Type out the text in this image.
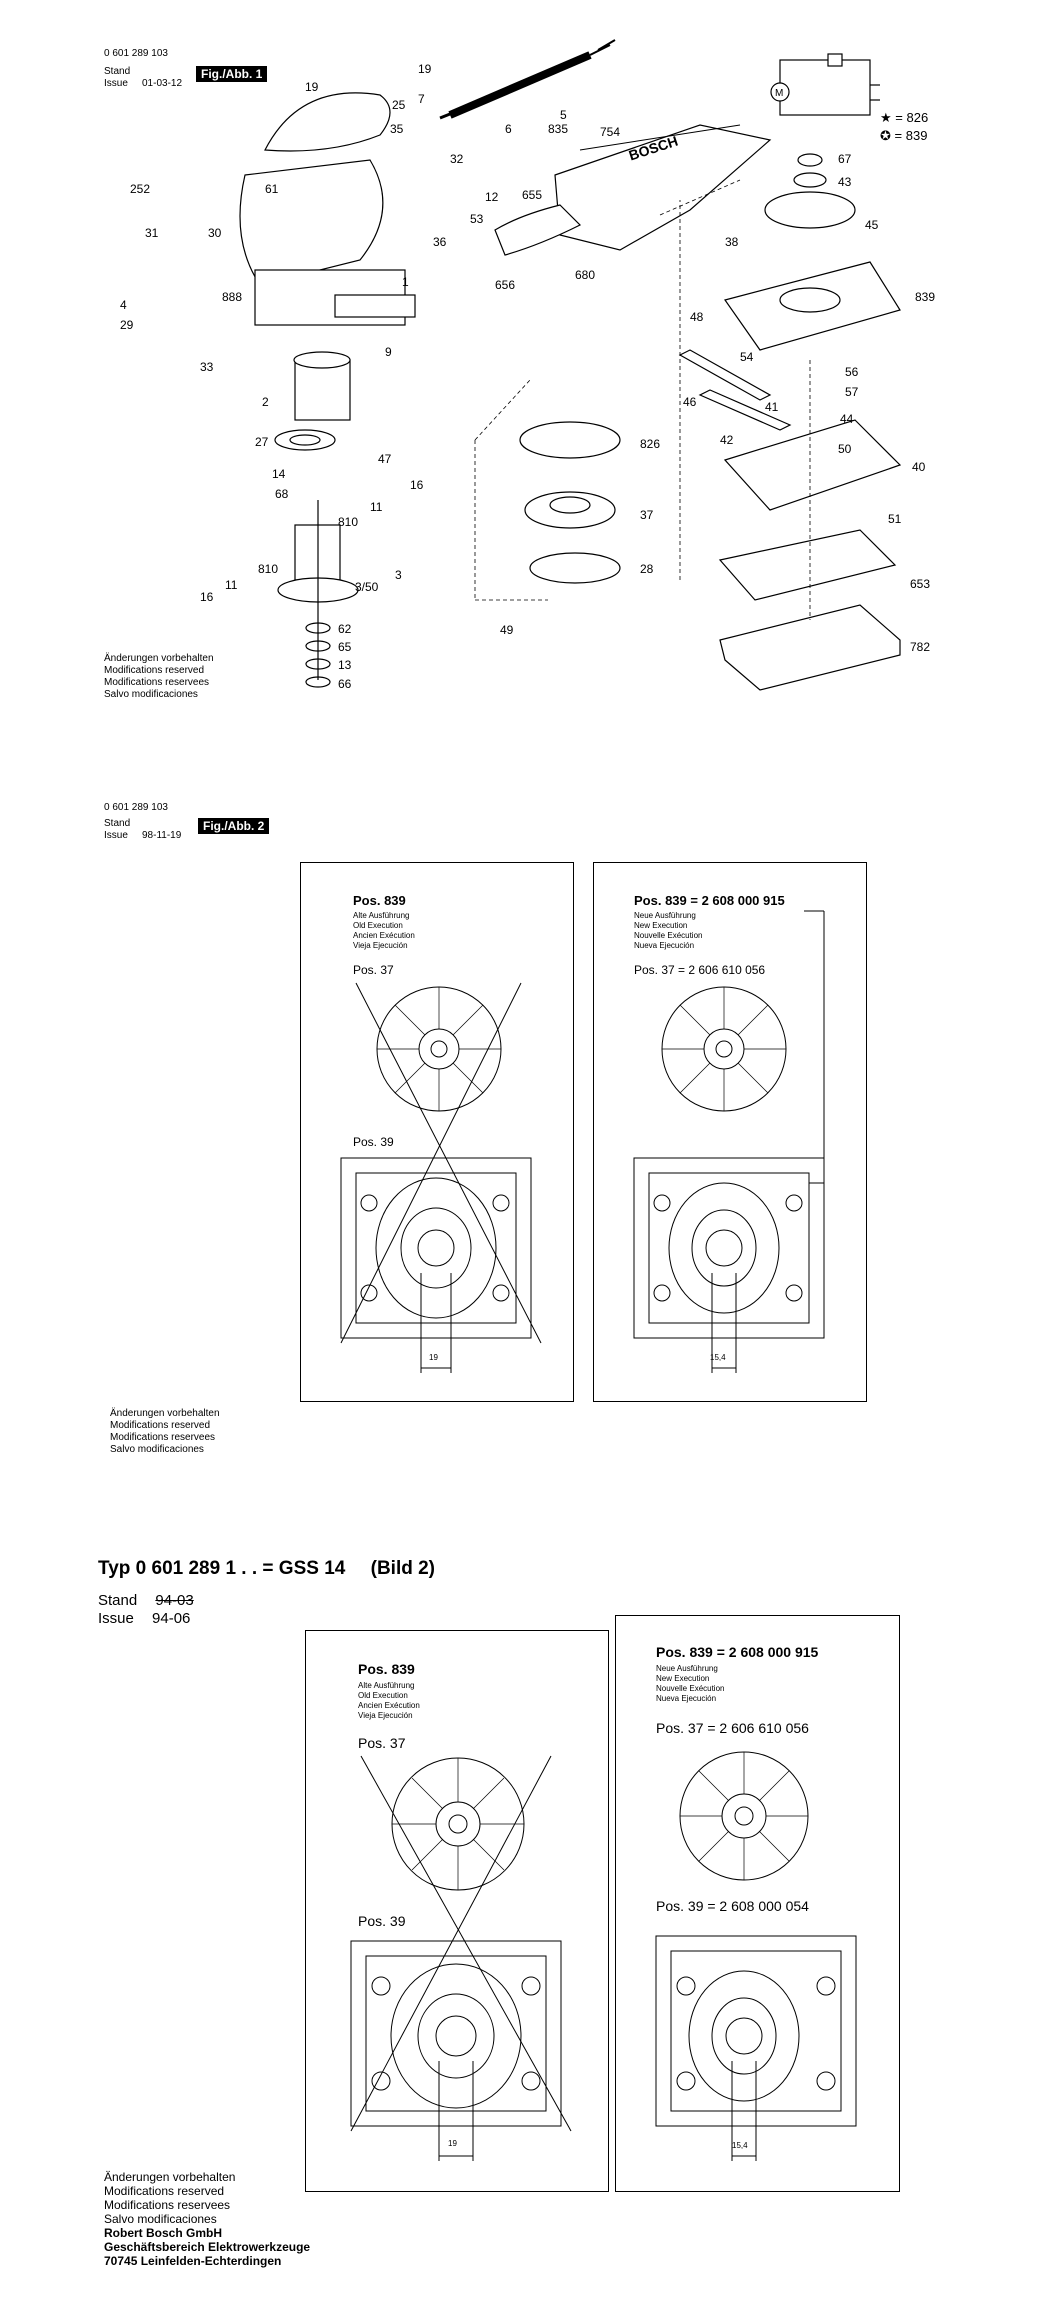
0 601 289 103
Stand
Issue 01-03-12
Fig./Abb. 1
★ = 826
✪ = 839
M
19
25
19
7
5
835
6	754
35
32
252	61
31	30
12
36
53
655
656
680
67
43
45
38
839
48
54
56
57
41
46
44
42
50
4
29
888
1
9
33
2
27
47
14
68
16
11
810
826
37
28
49
40
51
810	3
3/50
16
11
62
65
13
66
653
782
BOSCH
Änderungen vorbehalten
Modifications reserved
Modifications reservees
Salvo modificaciones
0 601 289 103
Stand
Issue 98-11-19
Fig./Abb. 2
Pos. 839
Alte Ausführung
Old Execution
Ancien Exécution
Vieja Ejecución
Pos. 37
Pos. 39
19
Pos. 839 = 2 608 000 915
Neue Ausführung
New Execution
Nouvelle Exécution
Nueva Ejecución
Pos. 37 = 2 606 610 056
15,4
Änderungen vorbehalten
Modifications reserved
Modifications reservees
Salvo modificaciones
Typ 0 601 289 1 . . = GSS 14 (Bild 2)
Stand 94-03
Issue 94-06
Pos. 839
Alte Ausführung
Old Execution
Ancien Exécution
Vieja Ejecución
Pos. 37
Pos. 39
19
Pos. 839 = 2 608 000 915
Neue Ausführung
New Execution
Nouvelle Exécution
Nueva Ejecución
Pos. 37 = 2 606 610 056
Pos. 39 = 2 608 000 054
15,4
Änderungen vorbehalten
Modifications reserved
Modifications reservees
Salvo modificaciones
Robert Bosch GmbH
Geschäftsbereich Elektrowerkzeuge
70745 Leinfelden-Echterdingen
